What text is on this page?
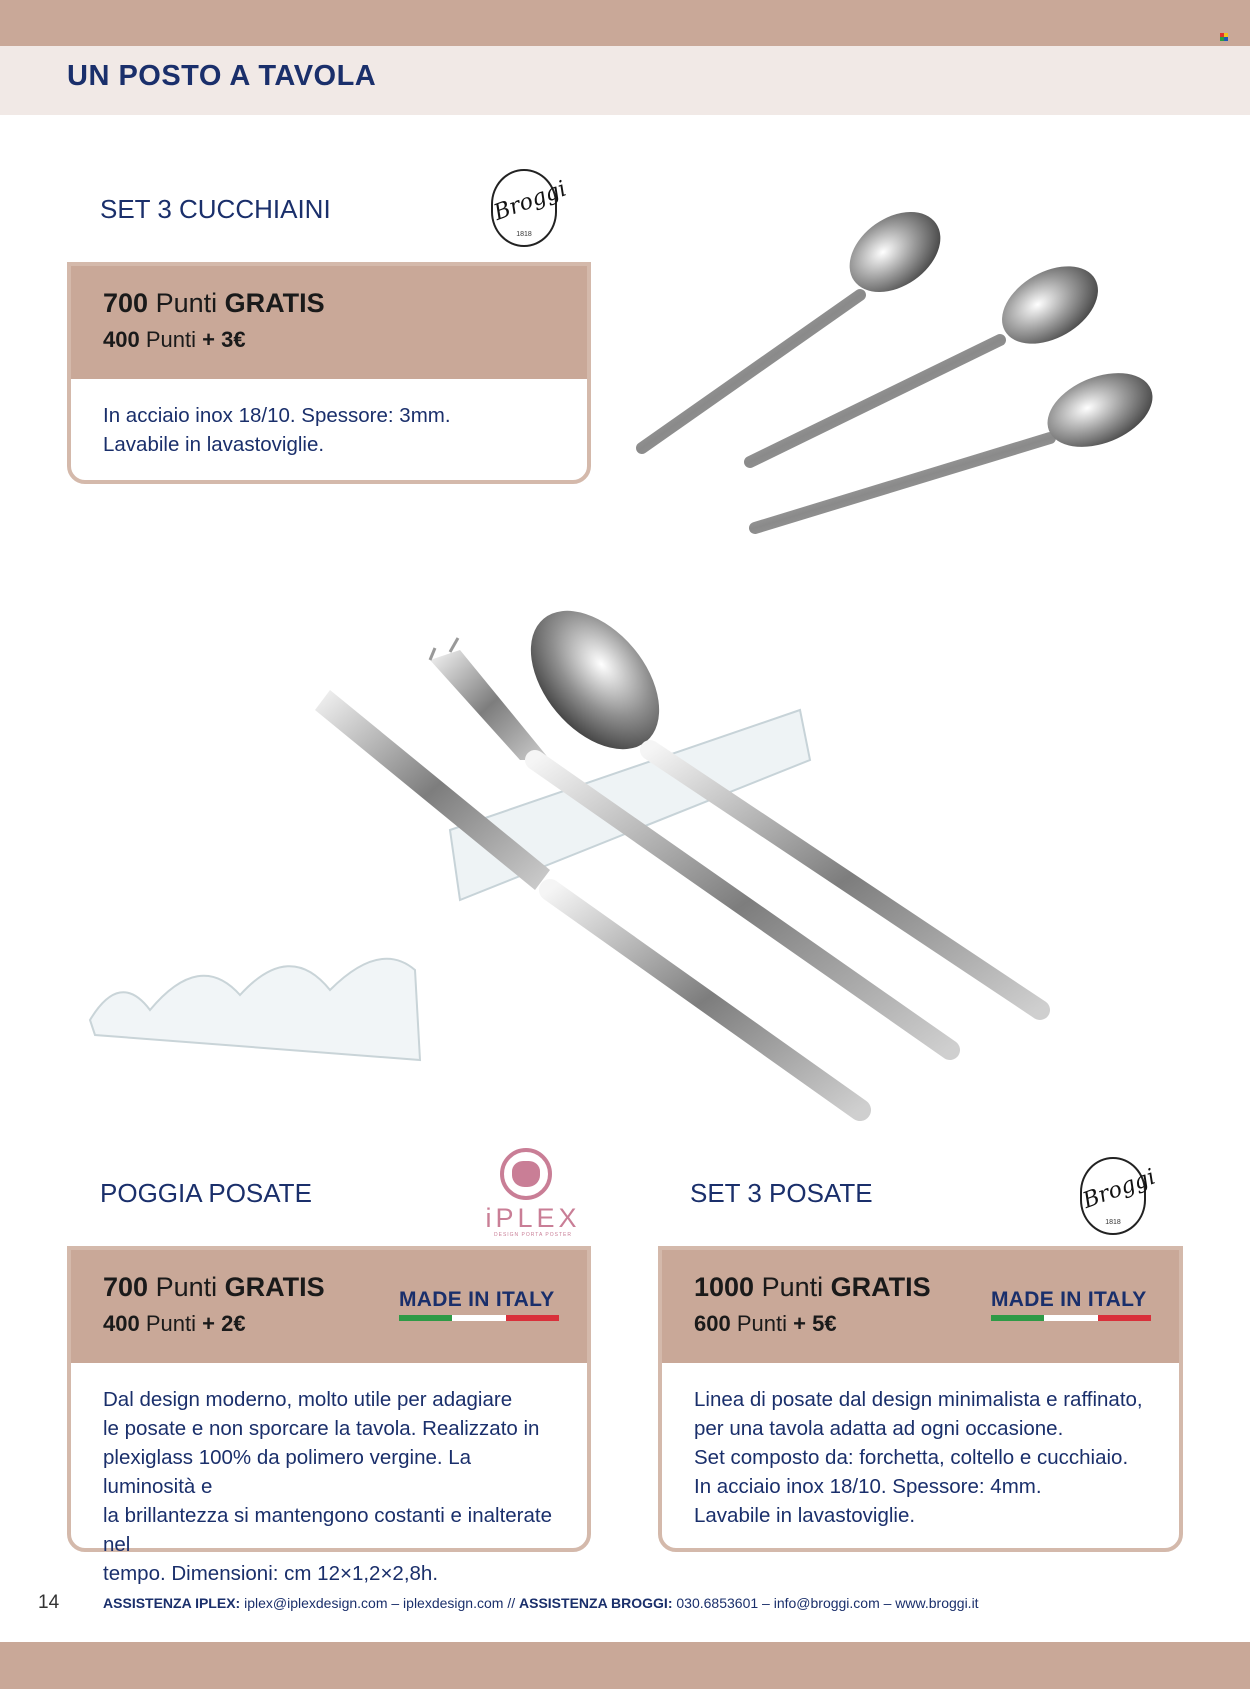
UN POSTO A TAVOLA
SET 3 CUCCHIAINI	Broggi
1818
700 Punti GRATIS
400 Punti + 3€
In acciaio inox 18/10. Spessore: 3mm.
Lavabile in lavastoviglie.
POGGIA POSATE
iPLEX
DESIGN PORTA POSTER
700 Punti GRATIS
400 Punti + 2€
MADE IN ITALY
Dal design moderno, molto utile per adagiare
le posate e non sporcare la tavola. Realizzato in
plexiglass 100% da polimero vergine. La luminosità e
la brillantezza si mantengono costanti e inalterate nel
tempo. Dimensioni: cm 12×1,2×2,8h.
SET 3 POSATE	Broggi
1818
1000 Punti GRATIS
600 Punti + 5€
MADE IN ITALY
Linea di posate dal design minimalista e raffinato,
per una tavola adatta ad ogni occasione.
Set composto da: forchetta, coltello e cucchiaio.
In acciaio inox 18/10. Spessore: 4mm.
Lavabile in lavastoviglie.
14	ASSISTENZA IPLEX: iplex@iplexdesign.com – iplexdesign.com // ASSISTENZA BROGGI: 030.6853601 – info@broggi.com – www.broggi.it
